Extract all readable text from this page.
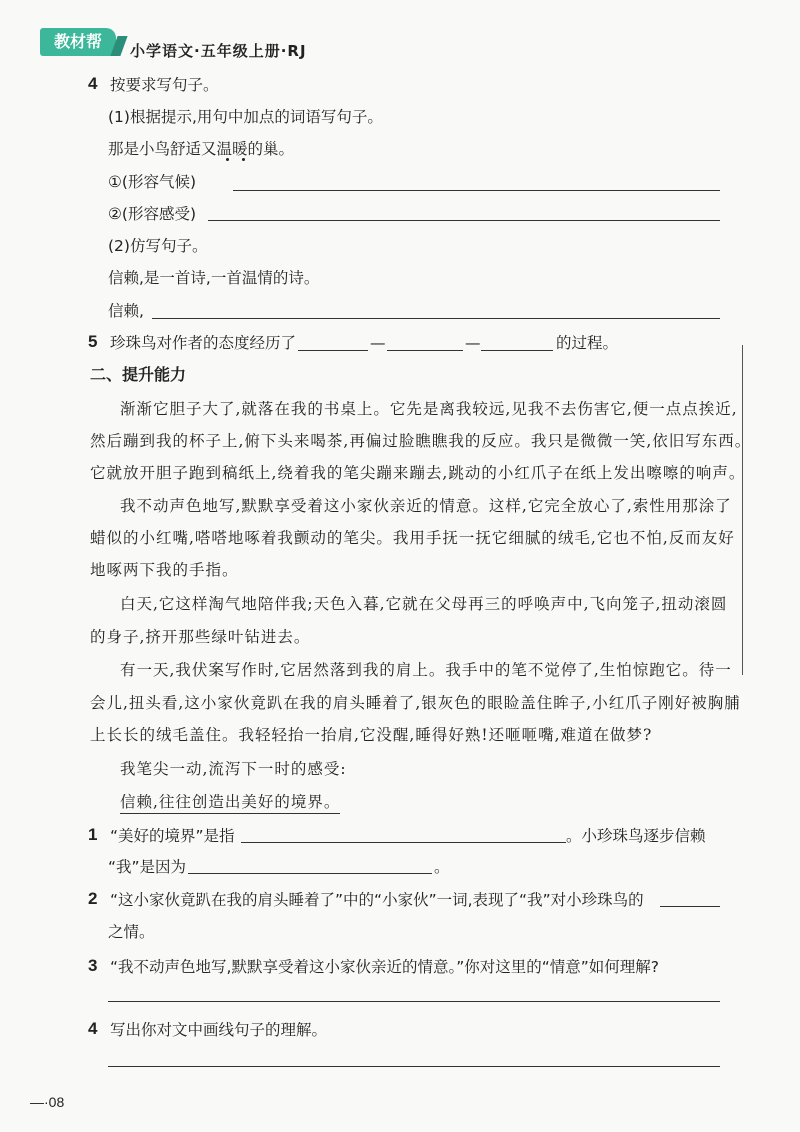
教材帮	小学语文·五年级上册·RJ
4 按要求写句子。
(1)根据提示,用句中加点的词语写句子。
那是小鸟舒适又温暖的巢。
①(形容气候)
②(形容感受)
(2)仿写句子。
信赖,是一首诗,一首温情的诗。
信赖,
5 珍珠鸟对作者的态度经历了	—	—	的过程。
二、提升能力
渐渐它胆子大了,就落在我的书桌上。它先是离我较远,见我不去伤害它,便一点点挨近,
然后蹦到我的杯子上,俯下头来喝茶,再偏过脸瞧瞧我的反应。我只是微微一笑,依旧写东西。
它就放开胆子跑到稿纸上,绕着我的笔尖蹦来蹦去,跳动的小红爪子在纸上发出嚓嚓的响声。
我不动声色地写,默默享受着这小家伙亲近的情意。这样,它完全放心了,索性用那涂了
蜡似的小红嘴,嗒嗒地啄着我颤动的笔尖。我用手抚一抚它细腻的绒毛,它也不怕,反而友好
地啄两下我的手指。
白天,它这样淘气地陪伴我;天色入暮,它就在父母再三的呼唤声中,飞向笼子,扭动滚圆
的身子,挤开那些绿叶钻进去。
有一天,我伏案写作时,它居然落到我的肩上。我手中的笔不觉停了,生怕惊跑它。待一
会儿,扭头看,这小家伙竟趴在我的肩头睡着了,银灰色的眼睑盖住眸子,小红爪子刚好被胸脯
上长长的绒毛盖住。我轻轻抬一抬肩,它没醒,睡得好熟!还咂咂嘴,难道在做梦?
我笔尖一动,流泻下一时的感受:
信赖,往往创造出美好的境界。
1 “美好的境界”是指	。小珍珠鸟逐步信赖
“我”是因为	。
2 “这小家伙竟趴在我的肩头睡着了”中的“小家伙”一词,表现了“我”对小珍珠鸟的
之情。
3 “我不动声色地写,默默享受着这小家伙亲近的情意。”你对这里的“情意”如何理解?
4 写出你对文中画线句子的理解。
—·08
